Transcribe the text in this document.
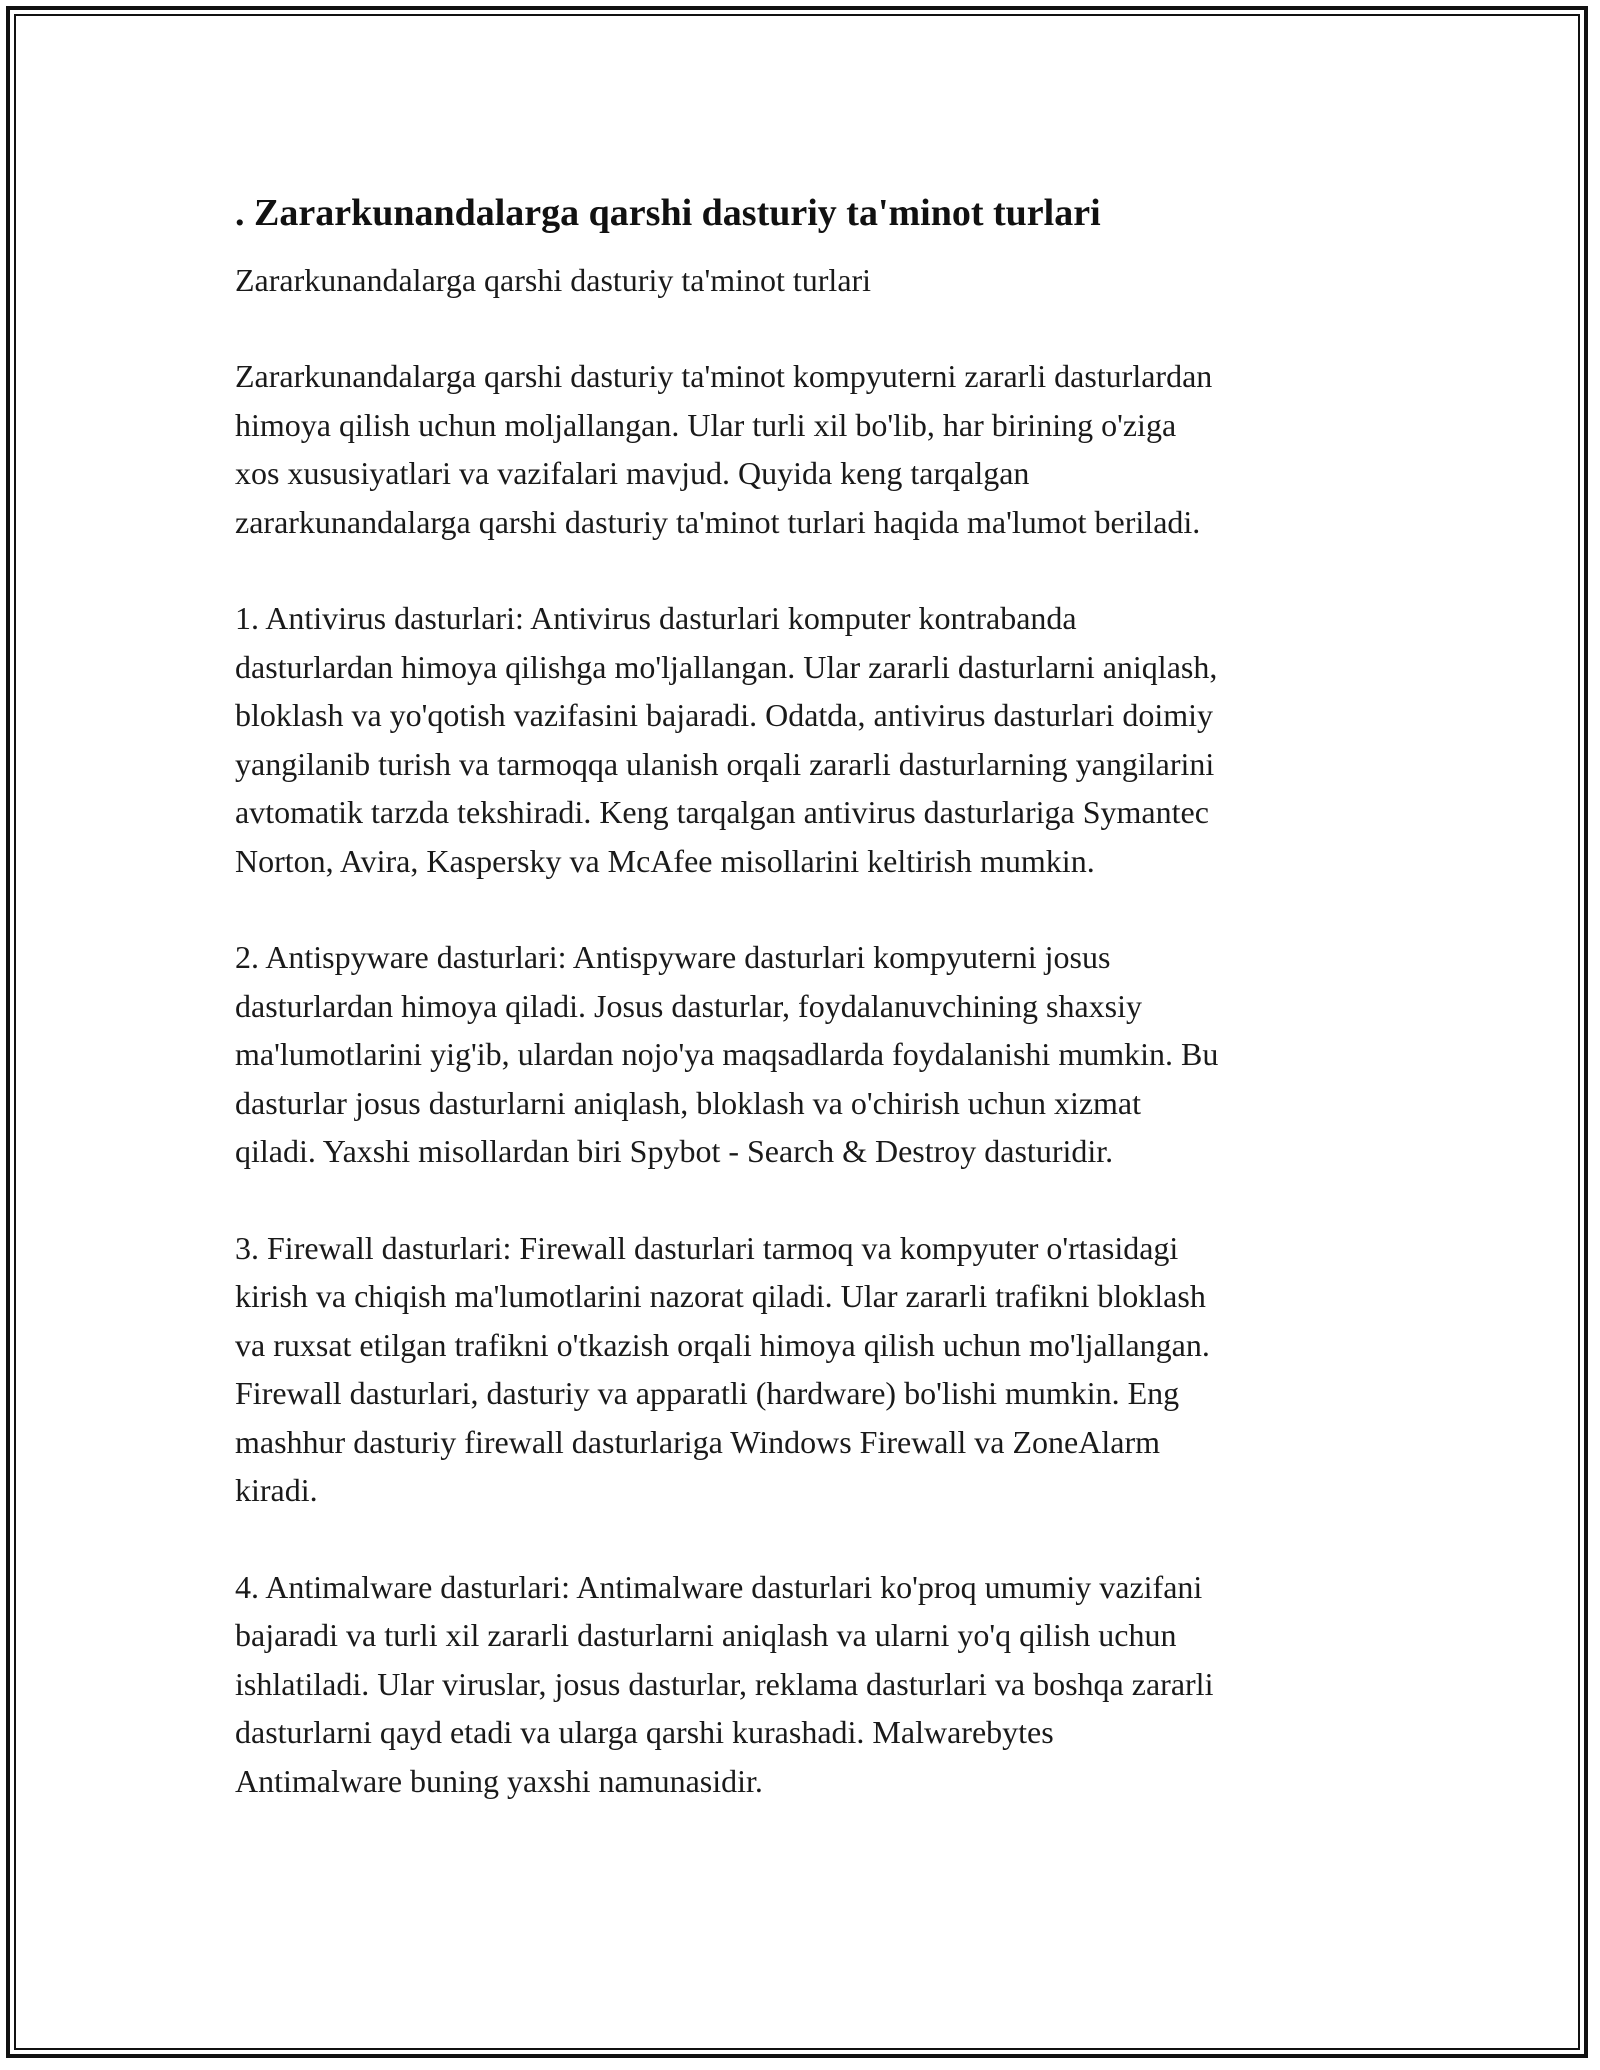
. Zararkunandalarga qarshi dasturiy ta'minot turlari

Zararkunandalarga qarshi dasturiy ta'minot turlari

Zararkunandalarga qarshi dasturiy ta'minot kompyuterni zararli dasturlardan
himoya qilish uchun moljallangan. Ular turli xil bo'lib, har birining o'ziga
xos xususiyatlari va vazifalari mavjud. Quyida keng tarqalgan
zararkunandalarga qarshi dasturiy ta'minot turlari haqida ma'lumot beriladi.

1. Antivirus dasturlari: Antivirus dasturlari komputer kontrabanda
dasturlardan himoya qilishga mo'ljallangan. Ular zararli dasturlarni aniqlash,
bloklash va yo'qotish vazifasini bajaradi. Odatda, antivirus dasturlari doimiy
yangilanib turish va tarmoqqa ulanish orqali zararli dasturlarning yangilarini
avtomatik tarzda tekshiradi. Keng tarqalgan antivirus dasturlariga Symantec
Norton, Avira, Kaspersky va McAfee misollarini keltirish mumkin.

2. Antispyware dasturlari: Antispyware dasturlari kompyuterni josus
dasturlardan himoya qiladi. Josus dasturlar, foydalanuvchining shaxsiy
ma'lumotlarini yig'ib, ulardan nojo'ya maqsadlarda foydalanishi mumkin. Bu
dasturlar josus dasturlarni aniqlash, bloklash va o'chirish uchun xizmat
qiladi. Yaxshi misollardan biri Spybot - Search & Destroy dasturidir.

3. Firewall dasturlari: Firewall dasturlari tarmoq va kompyuter o'rtasidagi
kirish va chiqish ma'lumotlarini nazorat qiladi. Ular zararli trafikni bloklash
va ruxsat etilgan trafikni o'tkazish orqali himoya qilish uchun mo'ljallangan.
Firewall dasturlari, dasturiy va apparatli (hardware) bo'lishi mumkin. Eng
mashhur dasturiy firewall dasturlariga Windows Firewall va ZoneAlarm
kiradi.

4. Antimalware dasturlari: Antimalware dasturlari ko'proq umumiy vazifani
bajaradi va turli xil zararli dasturlarni aniqlash va ularni yo'q qilish uchun
ishlatiladi. Ular viruslar, josus dasturlar, reklama dasturlari va boshqa zararli
dasturlarni qayd etadi va ularga qarshi kurashadi. Malwarebytes
Antimalware buning yaxshi namunasidir.
